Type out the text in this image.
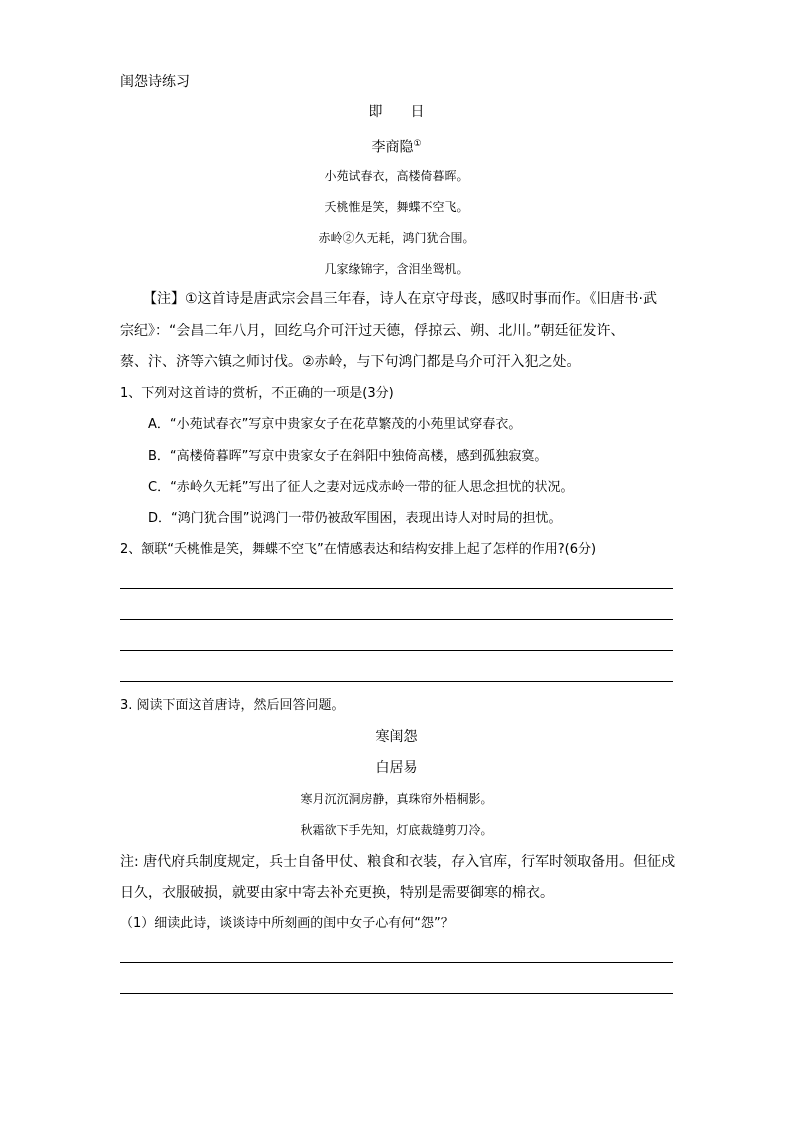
闺怨诗练习
即　　日
李商隐①
小苑试春衣，高楼倚暮晖。
夭桃惟是笑，舞蝶不空飞。
赤岭②久无耗，鸿门犹合围。
几家缘锦字，含泪坐鸳机。
【注】①这首诗是唐武宗会昌三年春，诗人在京守母丧，感叹时事而作。《旧唐书·武
宗纪》：“会昌二年八月，回纥乌介可汗过天德，俘掠云、朔、北川。”朝廷征发许、
蔡、汴、济等六镇之师讨伐。②赤岭，与下句鸿门都是乌介可汗入犯之处。
1、下列对这首诗的赏析，不正确的一项是(3分)
A．“小苑试春衣”写京中贵家女子在花草繁茂的小苑里试穿春衣。
B．“高楼倚暮晖”写京中贵家女子在斜阳中独倚高楼，感到孤独寂寞。
C．“赤岭久无耗”写出了征人之妻对远戍赤岭一带的征人思念担忧的状况。
D．“鸿门犹合围”说鸿门一带仍被敌军围困，表现出诗人对时局的担忧。
2、颔联“夭桃惟是笑，舞蝶不空飞”在情感表达和结构安排上起了怎样的作用?(6分)
3. 阅读下面这首唐诗，然后回答问题。
寒闺怨
白居易
寒月沉沉洞房静，真珠帘外梧桐影。
秋霜欲下手先知，灯底裁缝剪刀冷。
注: 唐代府兵制度规定，兵士自备甲仗、粮食和衣装，存入官库，行军时领取备用。但征戍
日久，衣服破损，就要由家中寄去补充更换，特别是需要御寒的棉衣。
（1）细读此诗，谈谈诗中所刻画的闺中女子心有何“怨”？
